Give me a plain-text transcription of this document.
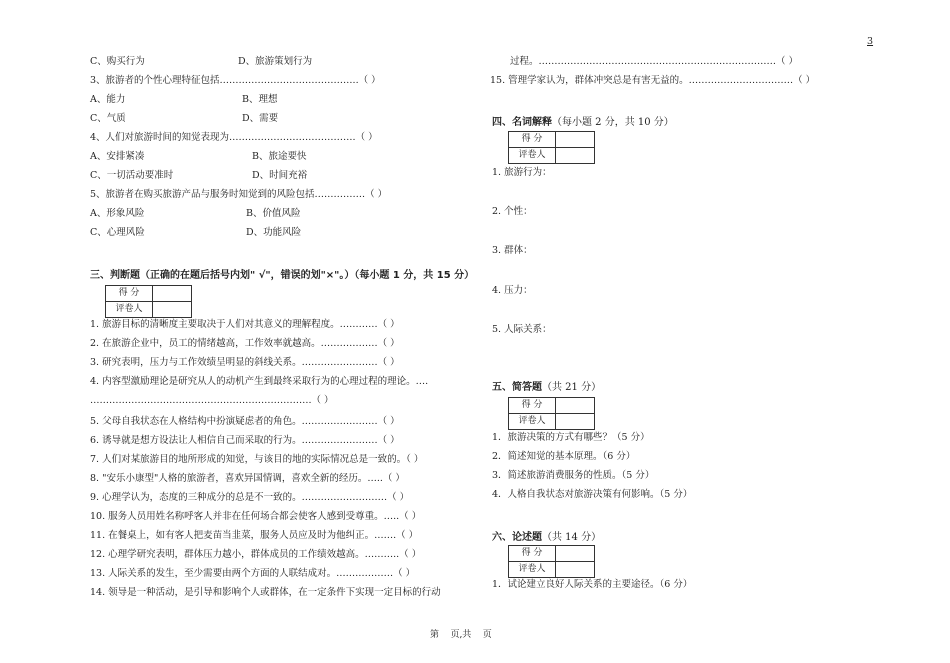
3
C、购买行为	D、旅游策划行为
3、旅游者的个性心理特征包括……………………………………..（ ）
A、能力	B、理想
C、气质	D、需要
4、人们对旅游时间的知觉表现为………………………………….（ ）
A、安排紧凑	B、旅途要快
C、一切活动要准时	D、时间充裕
5、旅游者在购买旅游产品与服务时知觉到的风险包括…………….（ ）
A、形象风险	B、价值风险
C、心理风险	D、功能风险
三、判断题（正确的在题后括号内划" √"，错误的划"×"。）（每小题 1 分，共 15 分）
得 分	
评卷人	
1. 旅游目标的清晰度主要取决于人们对其意义的理解程度。…………（ ）
2. 在旅游企业中，员工的情绪越高，工作效率就越高。………………（ ）
3. 研究表明，压力与工作效绩呈明显的斜线关系。……………………（ ）
4. 内容型激励理论是研究从人的动机产生到最终采取行为的心理过程的理论。….
…………………………………………………………….（ ）
5. 父母自我状态在人格结构中扮演疑虑者的角色。……………………（ ）
6. 诱导就是想方设法让人相信自己而采取的行为。……………………（ ）
7. 人们对某旅游目的地所形成的知觉，与该目的地的实际情况总是一致的。（ ）
8. "安乐小康型"人格的旅游者，喜欢异国情调，喜欢全新的经历。…..（ ）
9. 心理学认为，态度的三种成分的总是不一致的。………………………（ ）
10. 服务人员用姓名称呼客人并非在任何场合都会使客人感到受尊重。…..（ ）
11. 在餐桌上，如有客人把麦苗当韭菜，服务人员应及时为他纠正。…….（ ）
12. 心理学研究表明，群体压力越小，群体成员的工作绩效越高。………..（ ）
13. 人际关系的发生，至少需要由两个方面的人联结成对。………………（ ）
14. 领导是一种活动，是引导和影响个人或群体，在一定条件下实现一定目标的行动
过程。…………………………………………………………………（ ）
15. 管理学家认为，群体冲突总是有害无益的。……………………………（ ）
四、名词解释（每小题 2 分，共 10 分）
得 分	
评卷人	
1. 旅游行为：
2. 个性：
3. 群体：
4. 压力：
5. 人际关系：
五、简答题（共 21 分）
得 分	
评卷人	
1．旅游决策的方式有哪些？（5 分）
2．简述知觉的基本原理。（6 分）
3．简述旅游消费服务的性质。（5 分）
4．人格自我状态对旅游决策有何影响。（5 分）
六、论述题（共 14 分）
得 分	
评卷人	
1．试论建立良好人际关系的主要途径。（6 分）
第    页,共    页
